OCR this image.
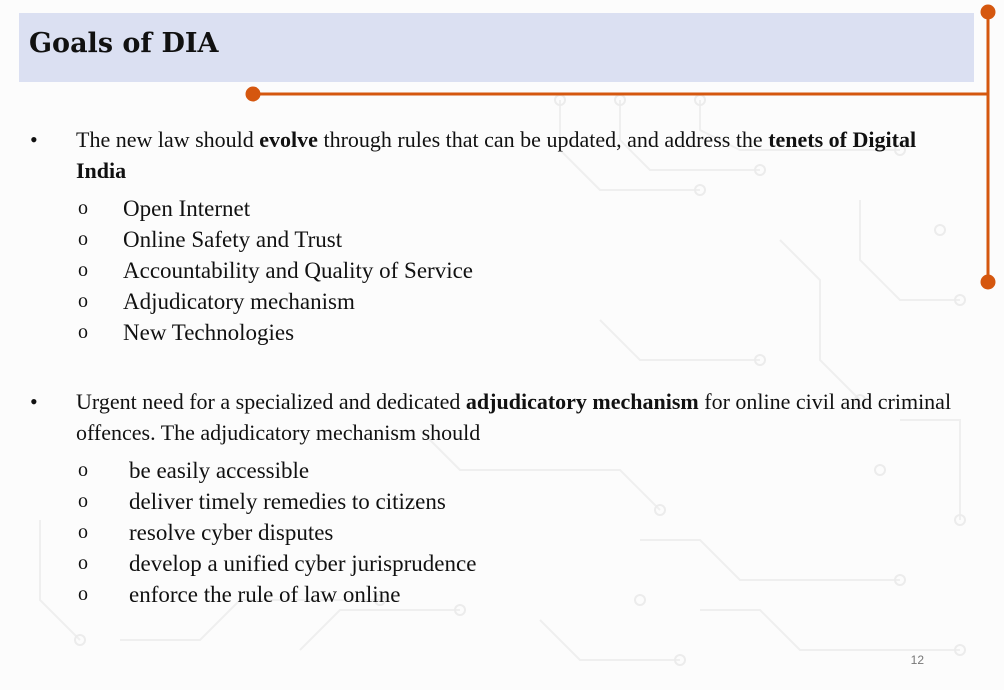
Goals of DIA
•	The new law should evolve through rules that can be updated, and address the tenets of Digital India
o Open Internet
o Online Safety and Trust
o Accountability and Quality of Service
o Adjudicatory mechanism
o New Technologies
•	Urgent need for a specialized and dedicated adjudicatory mechanism for online civil and criminal offences. The adjudicatory mechanism should
o be easily accessible
o deliver timely remedies to citizens
o resolve cyber disputes
o develop a unified cyber jurisprudence
o enforce the rule of law online
12
